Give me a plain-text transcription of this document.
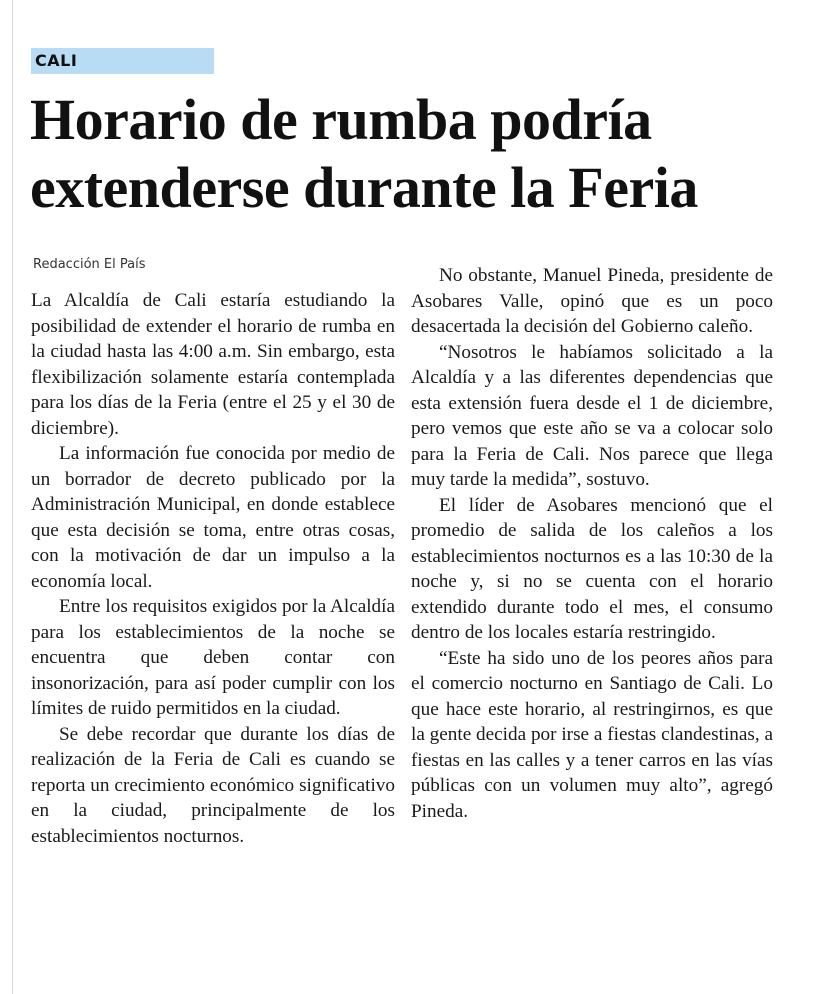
CALI
Horario de rumba podría extenderse durante la Feria
Redacción El País

La Alcaldía de Cali estaría estudiando la posibilidad de extender el horario de rumba en la ciudad hasta las 4:00 a.m. Sin embargo, esta flexibilización solamente estaría contemplada para los días de la Feria (entre el 25 y el 30 de diciembre).

La información fue conocida por medio de un borrador de decreto publicado por la Administración Municipal, en donde establece que esta decisión se toma, entre otras cosas, con la motivación de dar un impulso a la economía local.

Entre los requisitos exigidos por la Alcaldía para los establecimientos de la noche se encuentra que deben contar con insonorización, para así poder cumplir con los límites de ruido permitidos en la ciudad.

Se debe recordar que durante los días de realización de la Feria de Cali es cuando se reporta un crecimiento económico significativo en la ciudad, principalmente de los establecimientos nocturnos.

No obstante, Manuel Pineda, presidente de Asobares Valle, opinó que es un poco desacertada la decisión del Gobierno caleño.

“Nosotros le habíamos solicitado a la Alcaldía y a las diferentes dependencias que esta extensión fuera desde el 1 de diciembre, pero vemos que este año se va a colocar solo para la Feria de Cali. Nos parece que llega muy tarde la medida”, sostuvo.

El líder de Asobares mencionó que el promedio de salida de los caleños a los establecimientos nocturnos es a las 10:30 de la noche y, si no se cuenta con el horario extendido durante todo el mes, el consumo dentro de los locales estaría restringido.

“Este ha sido uno de los peores años para el comercio nocturno en Santiago de Cali. Lo que hace este horario, al restringirnos, es que la gente decida por irse a fiestas clandestinas, a fiestas en las calles y a tener carros en las vías públicas con un volumen muy alto”, agregó Pineda.
